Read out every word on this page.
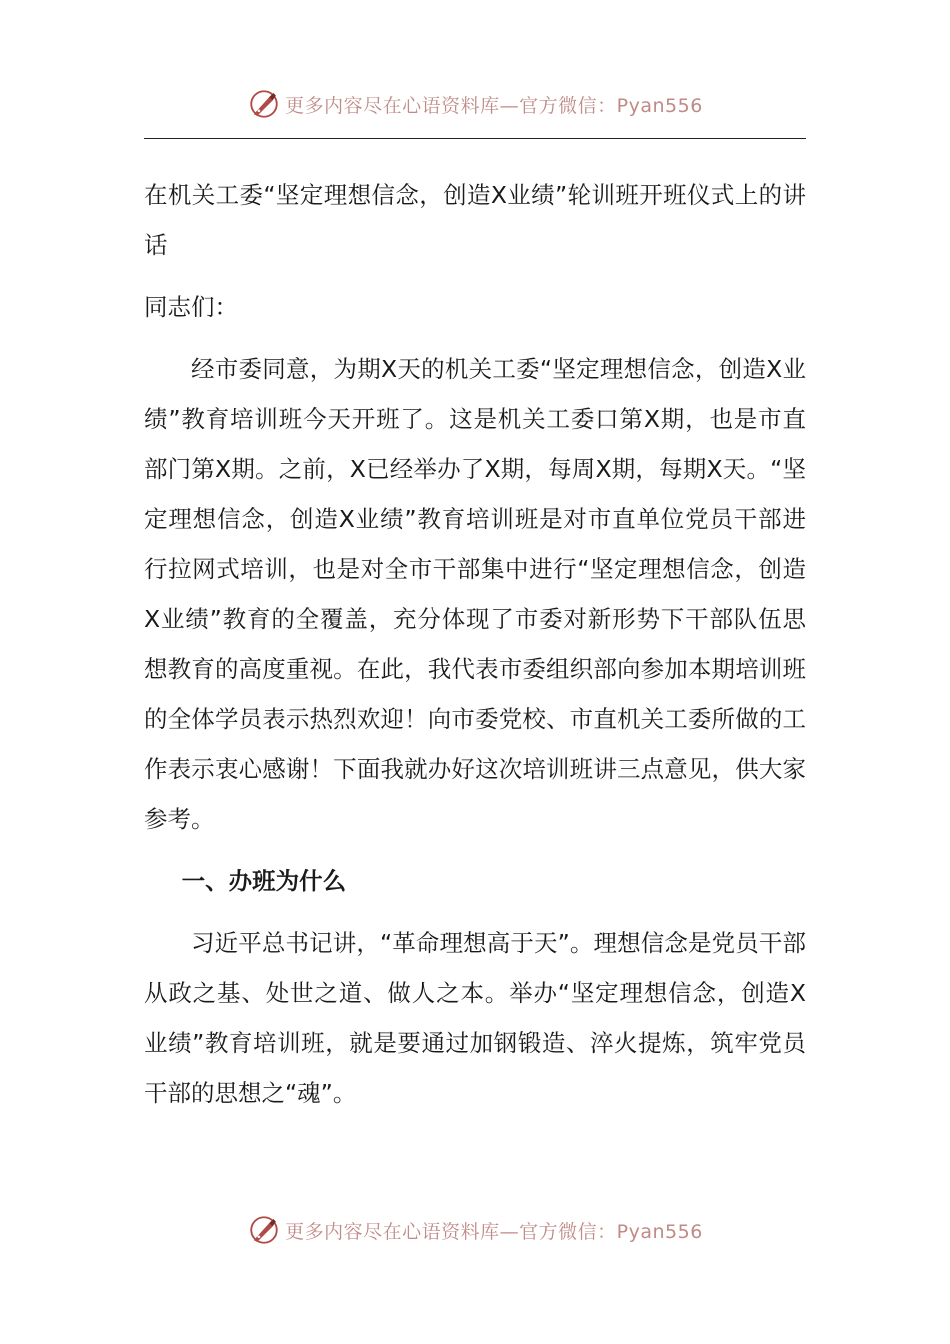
更多内容尽在心语资料库—官方微信：Pyan556

在机关工委“坚定理想信念，创造X业绩”轮训班开班仪式上的讲话

同志们：

经市委同意，为期X天的机关工委“坚定理想信念，创造X业绩”教育培训班今天开班了。这是机关工委口第X期，也是市直部门第X期。之前，X已经举办了X期，每周X期，每期X天。“坚定理想信念，创造X业绩”教育培训班是对市直单位党员干部进行拉网式培训，也是对全市干部集中进行“坚定理想信念，创造X业绩”教育的全覆盖，充分体现了市委对新形势下干部队伍思想教育的高度重视。在此，我代表市委组织部向参加本期培训班的全体学员表示热烈欢迎！向市委党校、市直机关工委所做的工作表示衷心感谢！下面我就办好这次培训班讲三点意见，供大家参考。

一、办班为什么

习近平总书记讲，“革命理想高于天”。理想信念是党员干部从政之基、处世之道、做人之本。举办“坚定理想信念，创造X业绩”教育培训班，就是要通过加钢锻造、淬火提炼，筑牢党员干部的思想之“魂”。

更多内容尽在心语资料库—官方微信：Pyan556
